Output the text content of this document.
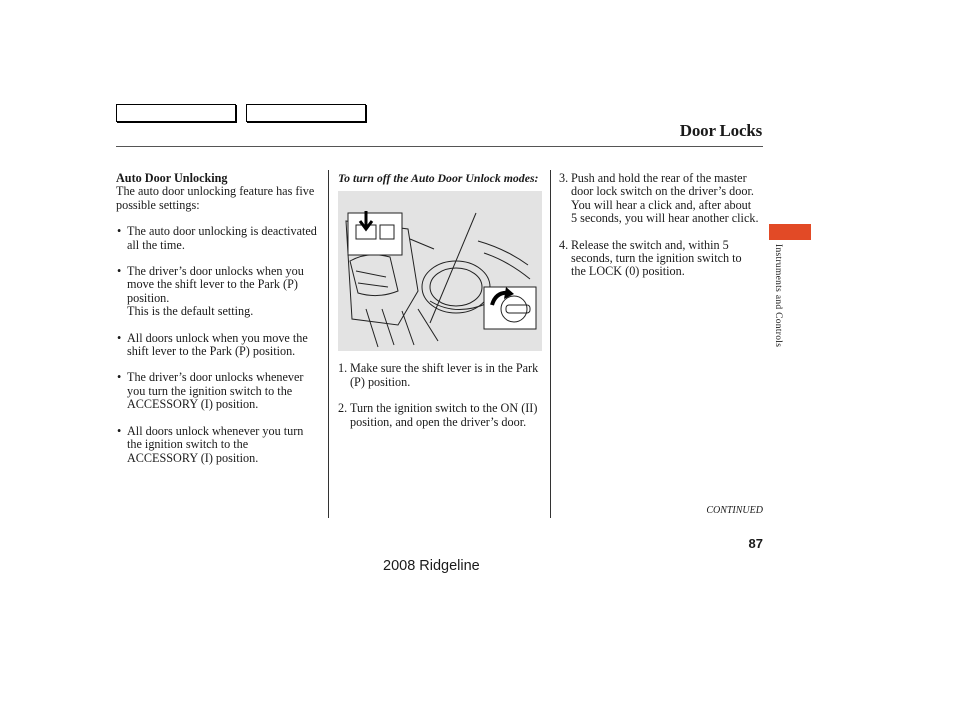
Door Locks
Auto Door Unlocking

The auto door unlocking feature has five possible settings:

• The auto door unlocking is deactivated all the time.
• The driver’s door unlocks when you move the shift lever to the Park (P) position.
This is the default setting.
• All doors unlock when you move the shift lever to the Park (P) position.
• The driver’s door unlocks whenever you turn the ignition switch to the ACCESSORY (I) position.
• All doors unlock whenever you turn the ignition switch to the ACCESSORY (I) position.
To turn off the Auto Door Unlock modes:
1. Make sure the shift lever is in the Park (P) position.
2. Turn the ignition switch to the ON (II) position, and open the driver’s door.
3. Push and hold the rear of the master door lock switch on the driver’s door. You will hear a click and, after about 5 seconds, you will hear another click.
4. Release the switch and, within 5 seconds, turn the ignition switch to the LOCK (0) position.	Instruments and Controls
CONTINUED
87
2008 Ridgeline
